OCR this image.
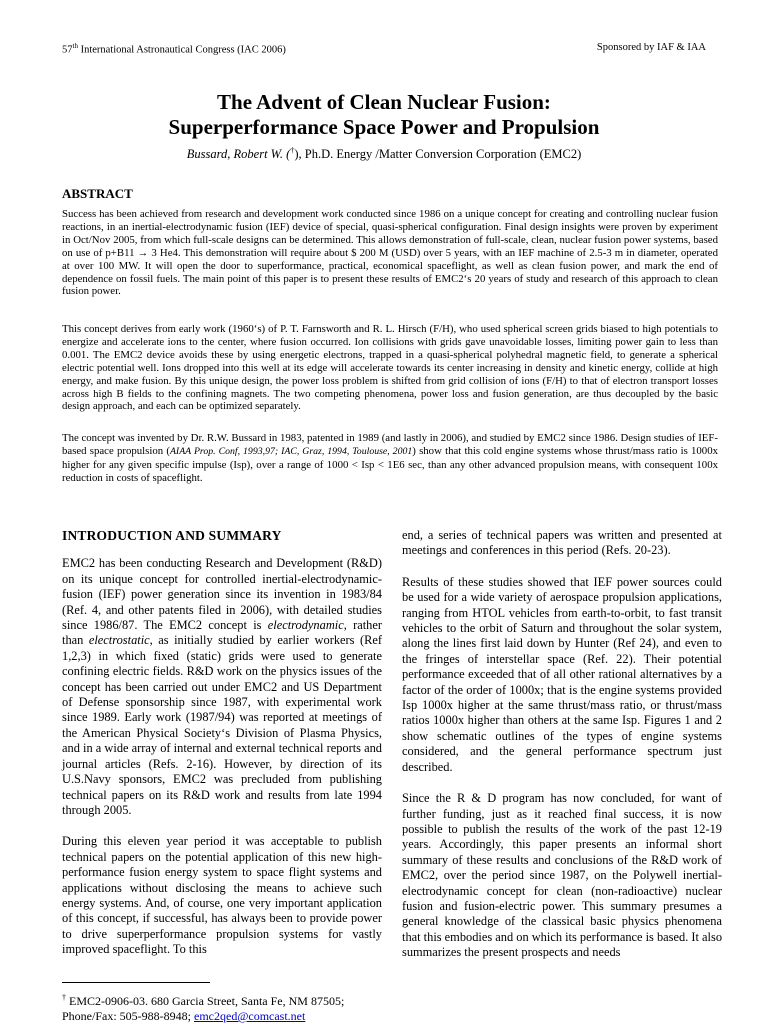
57th International Astronautical Congress (IAC 2006)	Sponsored by IAF & IAA
The Advent of Clean Nuclear Fusion:
Superperformance Space Power and Propulsion
Bussard, Robert W. (†), Ph.D. Energy /Matter Conversion Corporation (EMC2)
ABSTRACT

Success has been achieved from research and development work conducted since 1986 on a unique concept for creating and controlling nuclear fusion reactions, in an inertial-electrodynamic fusion (IEF) device of special, quasi-spherical configuration. Final design insights were proven by experiment in Oct/Nov 2005, from which full-scale designs can be determined. This allows demonstration of full-scale, clean, nuclear fusion power systems, based on use of p+B11 → 3 He4. This demonstration will require about $ 200 M (USD) over 5 years, with an IEF machine of 2.5-3 m in diameter, operated at over 100 MW. It will open the door to superformance, practical, economical spaceflight, as well as clean fusion power, and mark the end of dependence on fossil fuels. The main point of this paper is to present these results of EMC2‘s 20 years of study and research of this approach to clean fusion power.

This concept derives from early work (1960‘s) of P. T. Farnsworth and R. L. Hirsch (F/H), who used spherical screen grids biased to high potentials to energize and accelerate ions to the center, where fusion occurred. Ion collisions with grids gave unavoidable losses, limiting power gain to less than 0.001. The EMC2 device avoids these by using energetic electrons, trapped in a quasi-spherical polyhedral magnetic field, to generate a spherical electric potential well. Ions dropped into this well at its edge will accelerate towards its center increasing in density and kinetic energy, collide at high energy, and make fusion. By this unique design, the power loss problem is shifted from grid collision of ions (F/H) to that of electron transport losses across high B fields to the confining magnets. The two competing phenomena, power loss and fusion generation, are thus decoupled by the basic design approach, and each can be optimized separately.

The concept was invented by Dr. R.W. Bussard in 1983, patented in 1989 (and lastly in 2006), and studied by EMC2 since 1986. Design studies of IEF-based space propulsion (AIAA Prop. Conf, 1993,97; IAC, Graz, 1994, Toulouse, 2001) show that this cold engine systems whose thrust/mass ratio is 1000x higher for any given specific impulse (Isp), over a range of 1000 < Isp < 1E6 sec, than any other advanced propulsion means, with consequent 100x reduction in costs of spaceflight.

INTRODUCTION AND SUMMARY

EMC2 has been conducting Research and Development (R&D) on its unique concept for controlled inertial-electrodynamic-fusion (IEF) power generation since its invention in 1983/84 (Ref. 4, and other patents filed in 2006), with detailed studies since 1986/87. The EMC2 concept is electrodynamic, rather than electrostatic, as initially studied by earlier workers (Ref 1,2,3) in which fixed (static) grids were used to generate confining electric fields. R&D work on the physics issues of the concept has been carried out under EMC2 and US Department of Defense sponsorship since 1987, with experimental work since 1989. Early work (1987/94) was reported at meetings of the American Physical Society‘s Division of Plasma Physics, and in a wide array of internal and external technical reports and journal articles (Refs. 2-16). However, by direction of its U.S.Navy sponsors, EMC2 was precluded from publishing technical papers on its R&D work and results from late 1994 through 2005.

During this eleven year period it was acceptable to publish technical papers on the potential application of this new high-performance fusion energy system to space flight systems and applications without disclosing the means to achieve such energy systems. And, of course, one very important application of this concept, if successful, has always been to provide power to drive superperformance propulsion systems for vastly improved spaceflight. To this

end, a series of technical papers was written and presented at meetings and conferences in this period (Refs. 20-23).

Results of these studies showed that IEF power sources could be used for a wide variety of aerospace propulsion applications, ranging from HTOL vehicles from earth-to-orbit, to fast transit vehicles to the orbit of Saturn and throughout the solar system, along the lines first laid down by Hunter (Ref 24), and even to the fringes of interstellar space (Ref. 22). Their potential performance exceeded that of all other rational alternatives by a factor of the order of 1000x; that is the engine systems provided Isp 1000x higher at the same thrust/mass ratio, or thrust/mass ratios 1000x higher than others at the same Isp. Figures 1 and 2 show schematic outlines of the types of engine systems considered, and the general performance spectrum just described.

Since the R & D program has now concluded, for want of further funding, just as it reached final success, it is now possible to publish the results of the work of the past 12-19 years. Accordingly, this paper presents an informal short summary of these results and conclusions of the R&D work of EMC2, over the period since 1987, on the Polywell inertial-electrodynamic concept for clean (non-radioactive) nuclear fusion and fusion-electric power. This summary presumes a general knowledge of the classical basic physics phenomena that this embodies and on which its performance is based. It also summarizes the present prospects and needs

† EMC2-0906-03. 680 Garcia Street, Santa Fe, NM 87505;
Phone/Fax: 505-988-8948; emc2qed@comcast.net
